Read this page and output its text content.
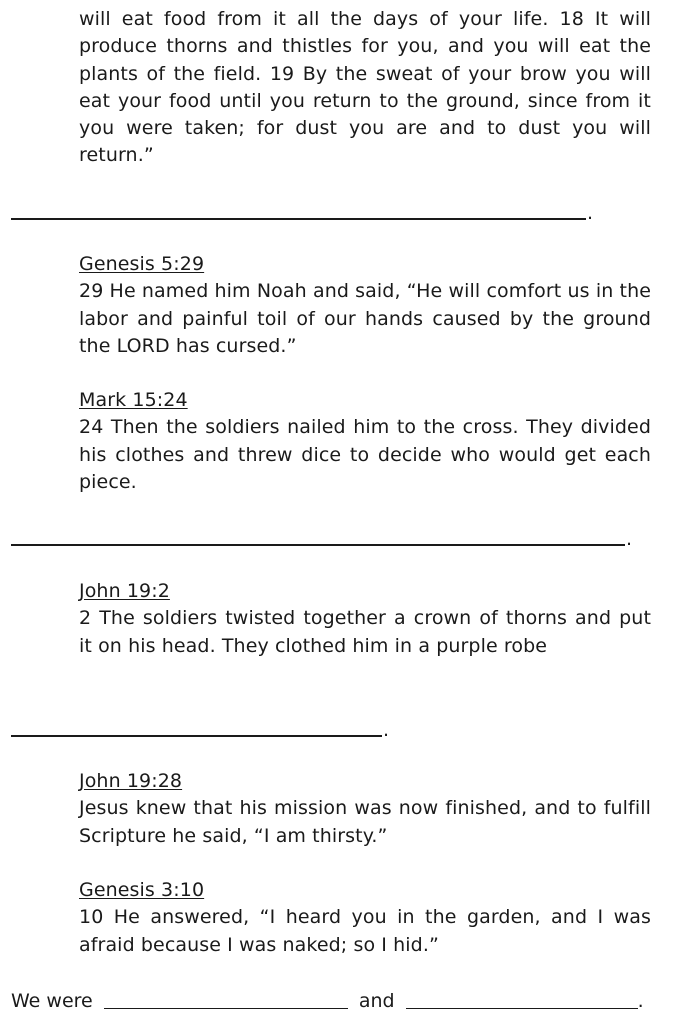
will eat food from it all the days of your life. 18 It will produce thorns and thistles for you, and you will eat the plants of the field. 19 By the sweat of your brow you will eat your food until you return to the ground, since from it you were taken; for dust you are and to dust you will return.”
.
Genesis 5:29
29 He named him Noah and said, “He will comfort us in the labor and painful toil of our hands caused by the ground the LORD has cursed.”
Mark 15:24
24 Then the soldiers nailed him to the cross. They divided his clothes and threw dice to decide who would get each piece.
.
John 19:2
2 The soldiers twisted together a crown of thorns and put it on his head. They clothed him in a purple robe
.
John 19:28
Jesus knew that his mission was now finished, and to fulfill Scripture he said, “I am thirsty.”
Genesis 3:10
10 He answered, “I heard you in the garden, and I was afraid because I was naked; so I hid.”
We were	and	.
